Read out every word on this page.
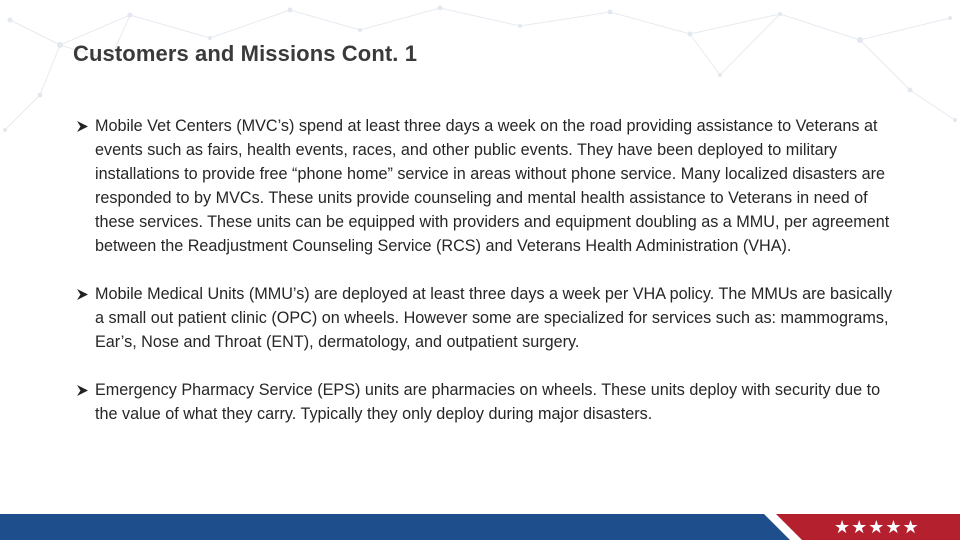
Customers and Missions Cont. 1
Mobile Vet Centers (MVC’s) spend at least three days a week on the road providing assistance to Veterans at events such as fairs, health events, races, and other public events. They have been deployed to military installations to provide free “phone home” service in areas without phone service. Many localized disasters are responded to by MVCs. These units provide counseling and mental health assistance to Veterans in need of these services. These units can be equipped with providers and equipment doubling as a MMU, per agreement between the Readjustment Counseling Service (RCS) and Veterans Health Administration (VHA).
Mobile Medical Units (MMU’s) are deployed at least three days a week per VHA policy. The MMUs are basically a small out patient clinic (OPC) on wheels. However some are specialized for services such as: mammograms, Ear’s, Nose and Throat (ENT), dermatology, and outpatient surgery.
Emergency Pharmacy Service (EPS) units are pharmacies on wheels. These units deploy with security due to the value of what they carry. Typically they only deploy during major disasters.
★★★★★
